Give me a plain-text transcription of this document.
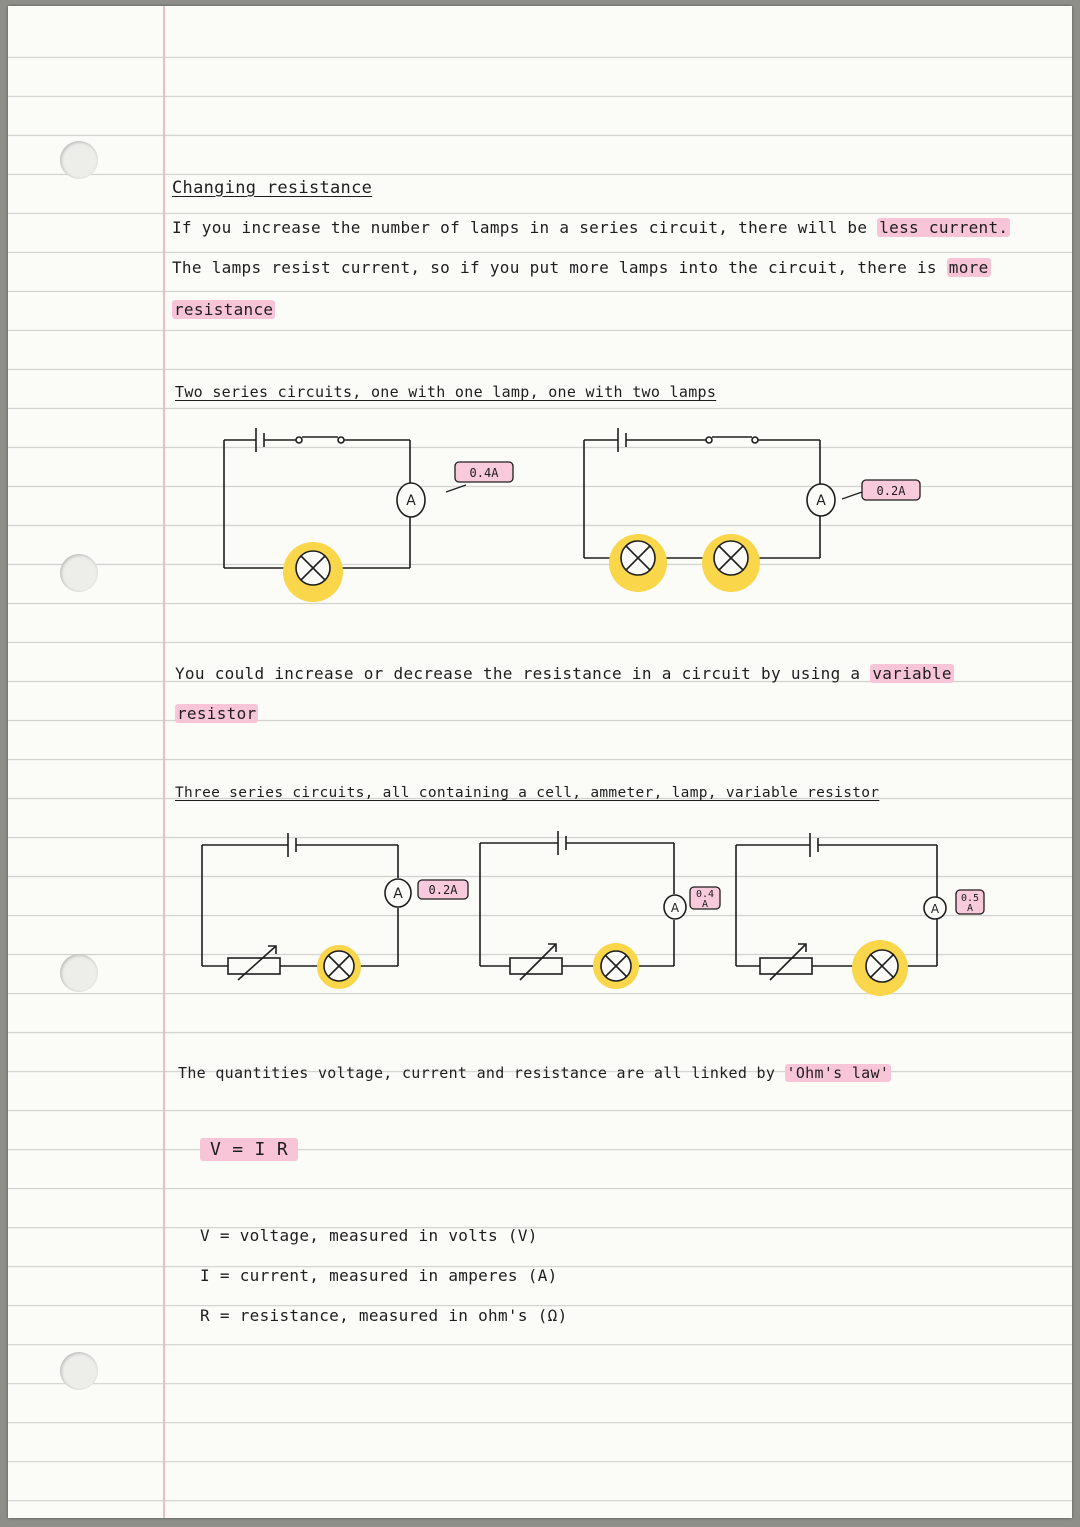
Changing resistance
If you increase the number of lamps in a series circuit, there will be less current.
The lamps resist current, so if you put more lamps into the circuit, there is more
resistance
Two series circuits, one with one lamp, one with two lamps
A
0.4A
A
0.2A
A 0.2A
A
0.4
A	A
0.5
A
You could increase or decrease the resistance in a circuit by using a variable
resistor
Three series circuits, all containing a cell, ammeter, lamp, variable resistor
The quantities voltage, current and resistance are all linked by 'Ohm's law'
V = I R
V = voltage, measured in volts (V)
I = current, measured in amperes (A)
R = resistance, measured in ohm's (Ω)
